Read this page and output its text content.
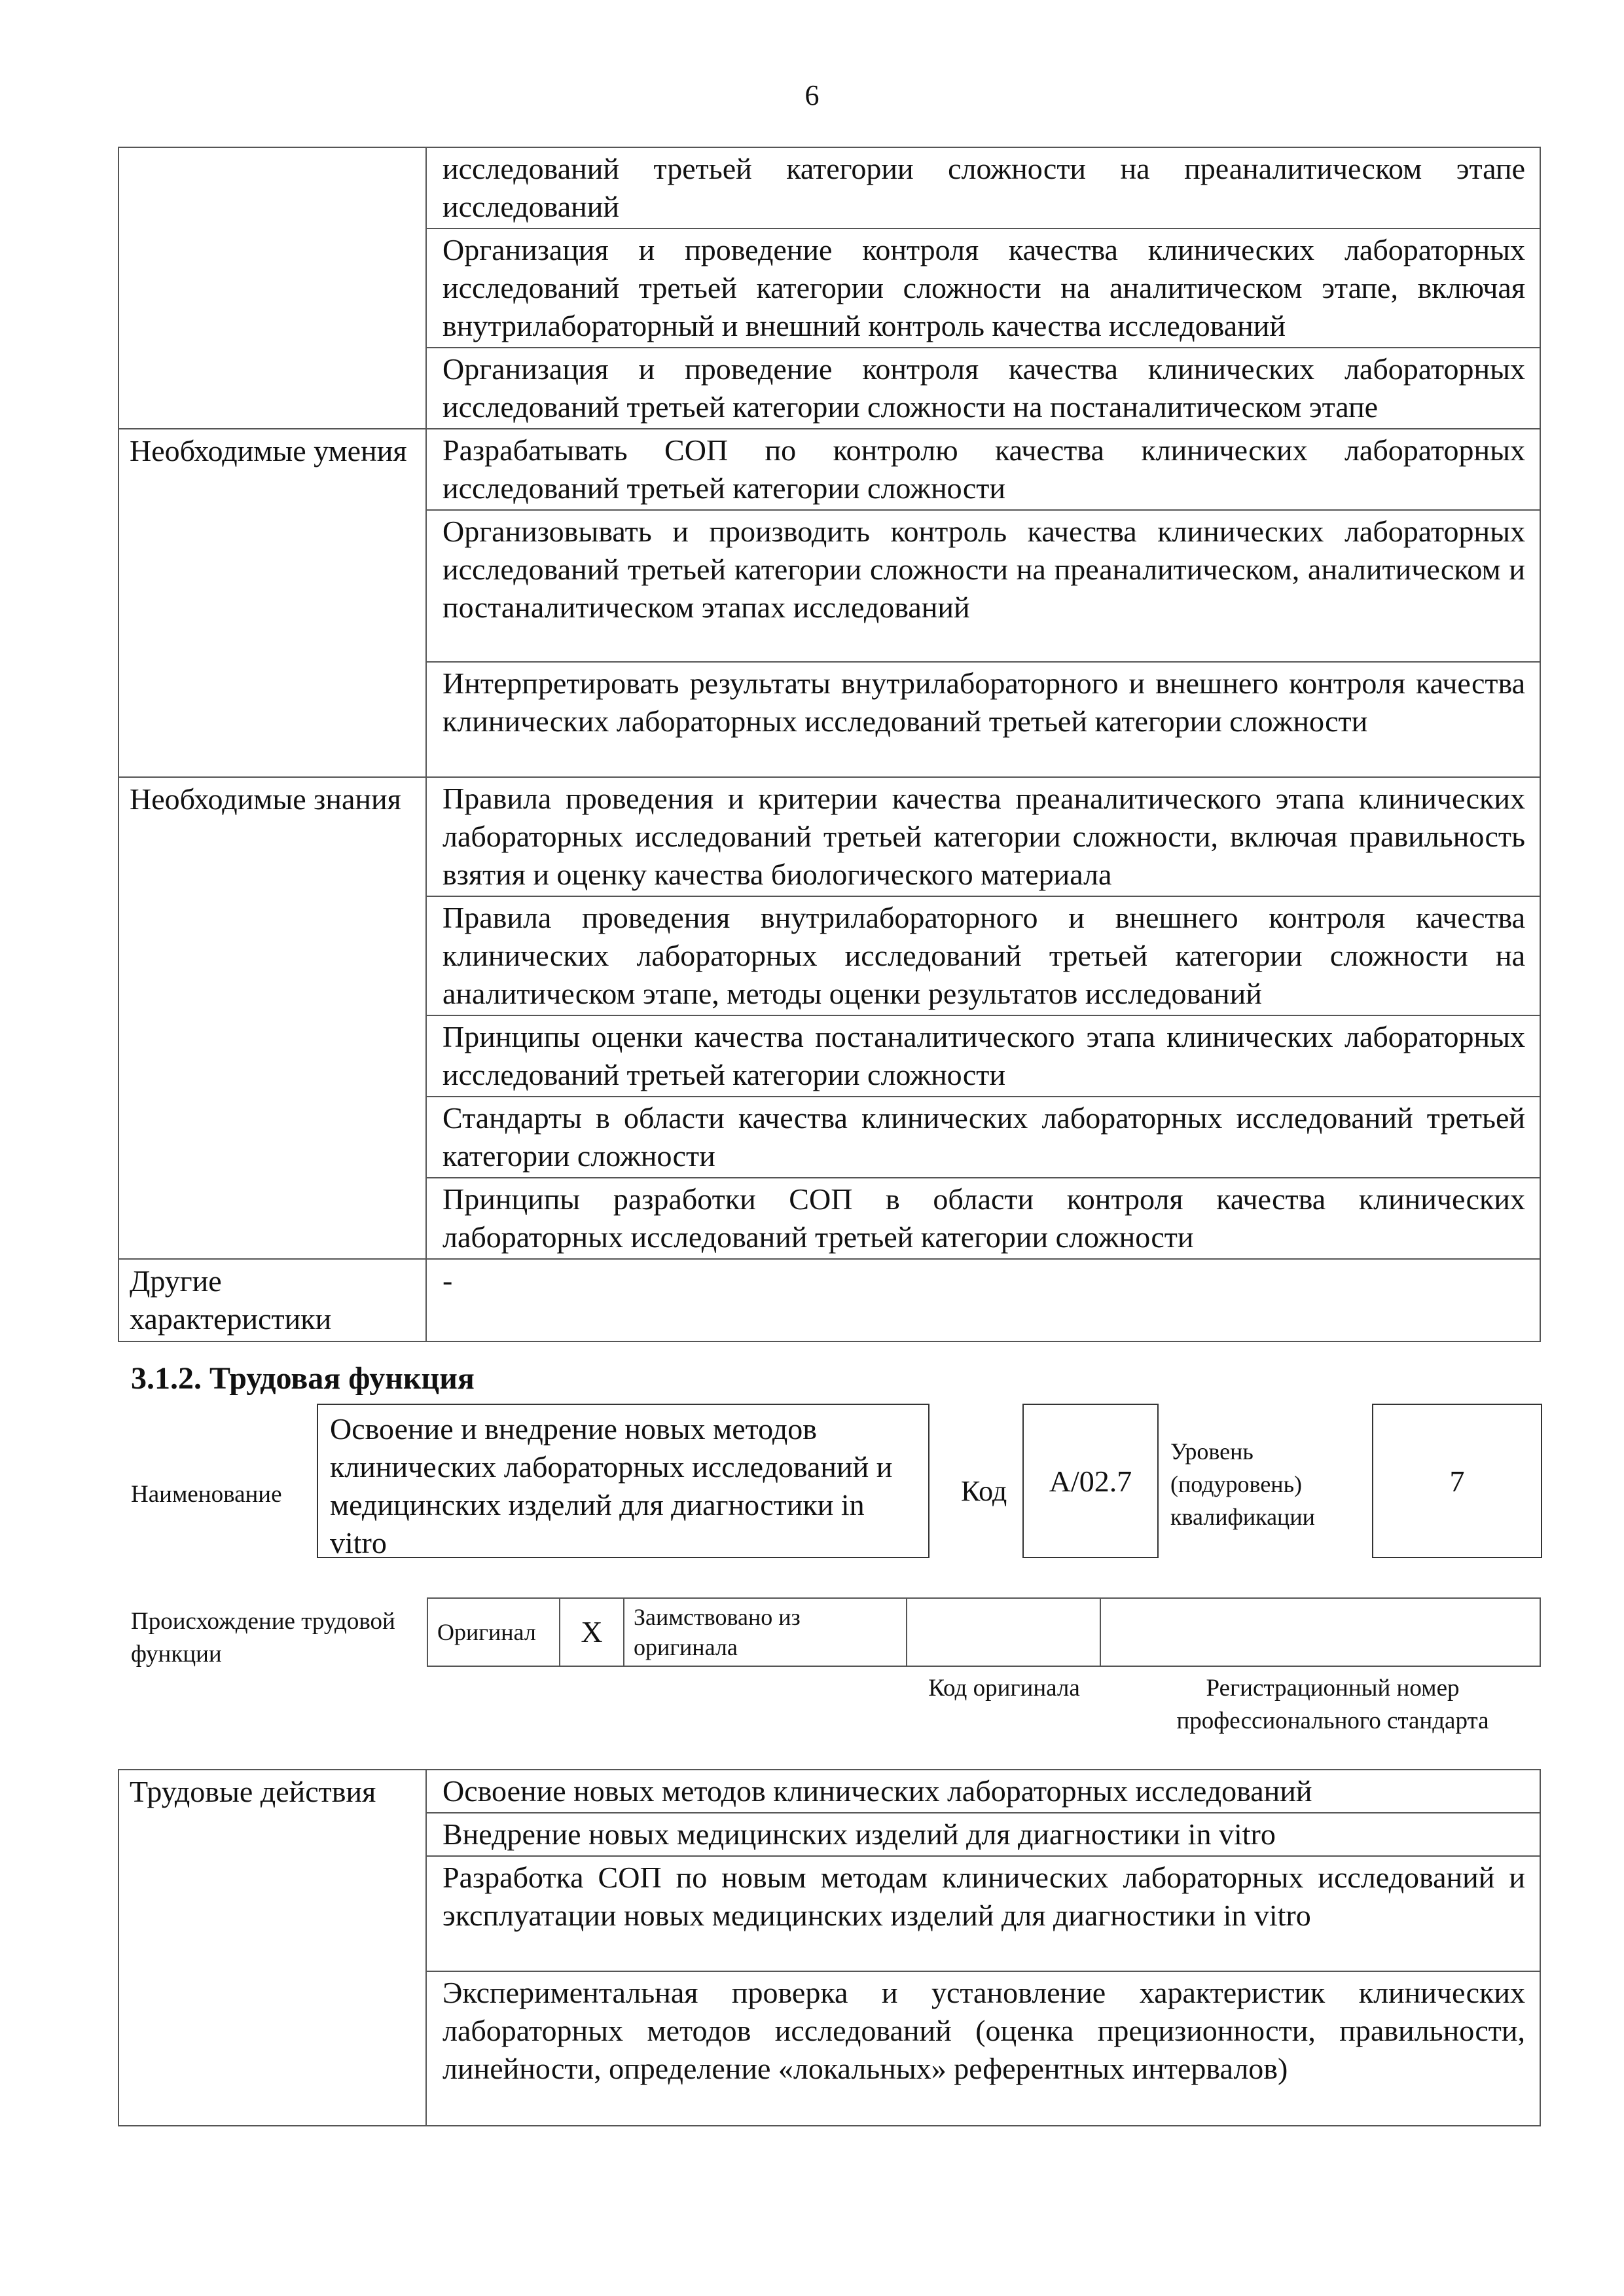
6
	исследований третьей категории сложности на преаналитическом этапе исследований
	Организация и проведение контроля качества клинических лабораторных исследований третьей категории сложности на аналитическом этапе, включая внутрилабораторный и внешний контроль качества исследований
	Организация и проведение контроля качества клинических лабораторных исследований третьей категории сложности на постаналитическом этапе
Необходимые умения	Разрабатывать СОП по контролю качества клинических лабораторных исследований третьей категории сложности
	Организовывать и производить контроль качества клинических лабораторных исследований третьей категории сложности на преаналитическом, аналитическом и постаналитическом этапах исследований
	Интерпретировать результаты внутрилабораторного и внешнего контроля качества клинических лабораторных исследований третьей категории сложности
Необходимые знания	Правила проведения и критерии качества преаналитического этапа клинических лабораторных исследований третьей категории сложности, включая правильность взятия и оценку качества биологического материала
	Правила проведения внутрилабораторного и внешнего контроля качества клинических лабораторных исследований третьей категории сложности на аналитическом этапе, методы оценки результатов исследований
	Принципы оценки качества постаналитического этапа клинических лабораторных исследований третьей категории сложности
	Стандарты в области качества клинических лабораторных исследований третьей категории сложности
	Принципы разработки СОП в области контроля качества клинических лабораторных исследований третьей категории сложности
Другие характеристики	-
3.1.2. Трудовая функция
Наименование
Освоение и внедрение новых методов клинических лабораторных исследований и медицинских изделий для диагностики in vitro
Код	А/02.7
Уровень (подуровень) квалификации
7
Происхождение трудовой функции
Оригинал	X	Заимствовано из оригинала		
Код оригинала	Регистрационный номер профессионального стандарта
Трудовые действия	Освоение новых методов клинических лабораторных исследований
Внедрение новых медицинских изделий для диагностики in vitro
Разработка СОП по новым методам клинических лабораторных исследований и эксплуатации новых медицинских изделий для диагностики in vitro
Экспериментальная проверка и установление характеристик клинических лабораторных методов исследований (оценка прецизионности, правильности, линейности, определение «локальных» референтных интервалов)
